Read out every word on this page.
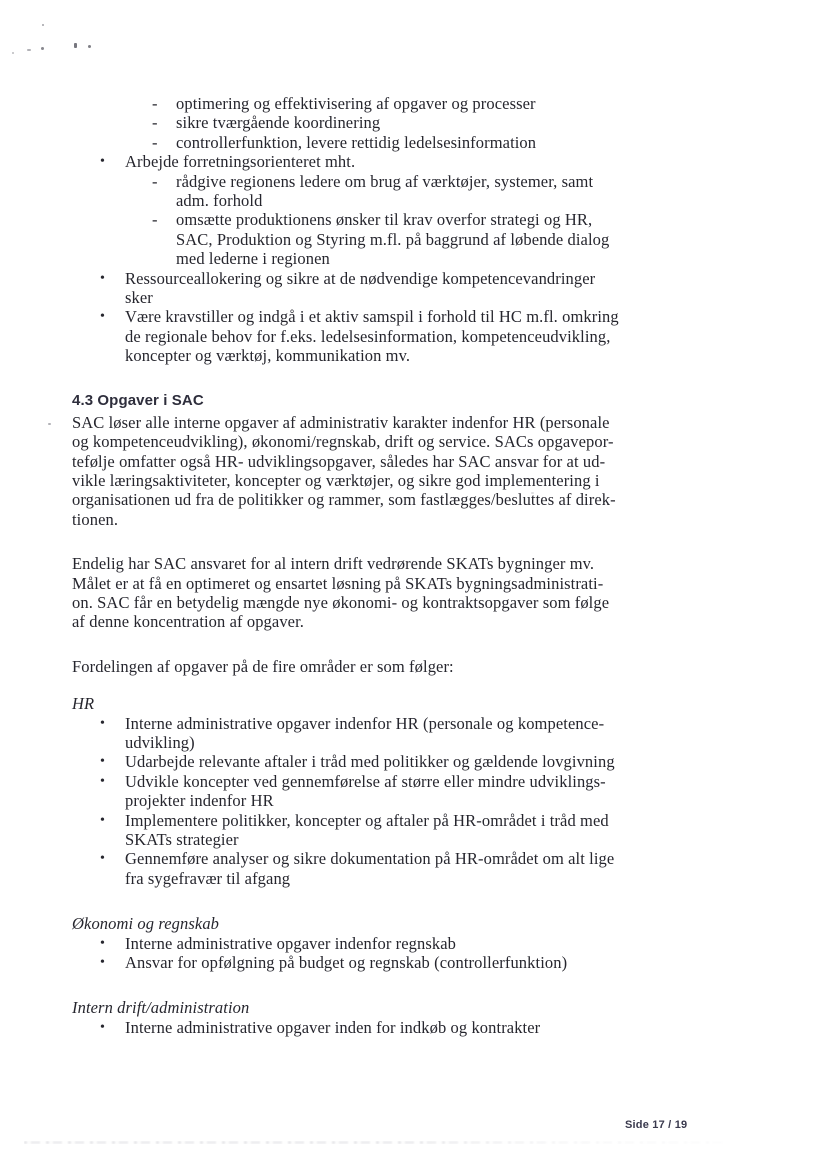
-	optimering og effektivisering af opgaver og processer
-	sikre tværgående koordinering
-	controllerfunktion, levere rettidig ledelsesinformation
•	Arbejde forretningsorienteret mht.
-	rådgive regionens ledere om brug af værktøjer, systemer, samt
adm. forhold
-	omsætte produktionens ønsker til krav overfor strategi og HR,
SAC, Produktion og Styring m.fl. på baggrund af løbende dialog
med lederne i regionen
•	Ressourceallokering og sikre at de nødvendige kompetencevandringer
sker
•	Være kravstiller og indgå i et aktiv samspil i forhold til HC m.fl. omkring
de regionale behov for f.eks. ledelsesinformation, kompetenceudvikling,
koncepter og værktøj, kommunikation mv.
4.3 Opgaver i SAC
SAC løser alle interne opgaver af administrativ karakter indenfor HR (personale
og kompetenceudvikling), økonomi/regnskab, drift og service. SACs opgavepor-
tefølje omfatter også HR- udviklingsopgaver, således har SAC ansvar for at ud-
vikle læringsaktiviteter, koncepter og værktøjer, og sikre god implementering i
organisationen ud fra de politikker og rammer, som fastlægges/besluttes af direk-
tionen.
Endelig har SAC ansvaret for al intern drift vedrørende SKATs bygninger mv.
Målet er at få en optimeret og ensartet løsning på SKATs bygningsadministrati-
on. SAC får en betydelig mængde nye økonomi- og kontraktsopgaver som følge
af denne koncentration af opgaver.
Fordelingen af opgaver på de fire områder er som følger:
HR
•	Interne administrative opgaver indenfor HR (personale og kompetence-
udvikling)
•	Udarbejde relevante aftaler i tråd med politikker og gældende lovgivning
•	Udvikle koncepter ved gennemførelse af større eller mindre udviklings-
projekter indenfor HR
•	Implementere politikker, koncepter og aftaler på HR-området i tråd med
SKATs strategier
•	Gennemføre analyser og sikre dokumentation på HR-området om alt lige
fra sygefravær til afgang
Økonomi og regnskab
•	Interne administrative opgaver indenfor regnskab
•	Ansvar for opfølgning på budget og regnskab (controllerfunktion)
Intern drift/administration
•	Interne administrative opgaver inden for indkøb og kontrakter
Side 17 / 19
